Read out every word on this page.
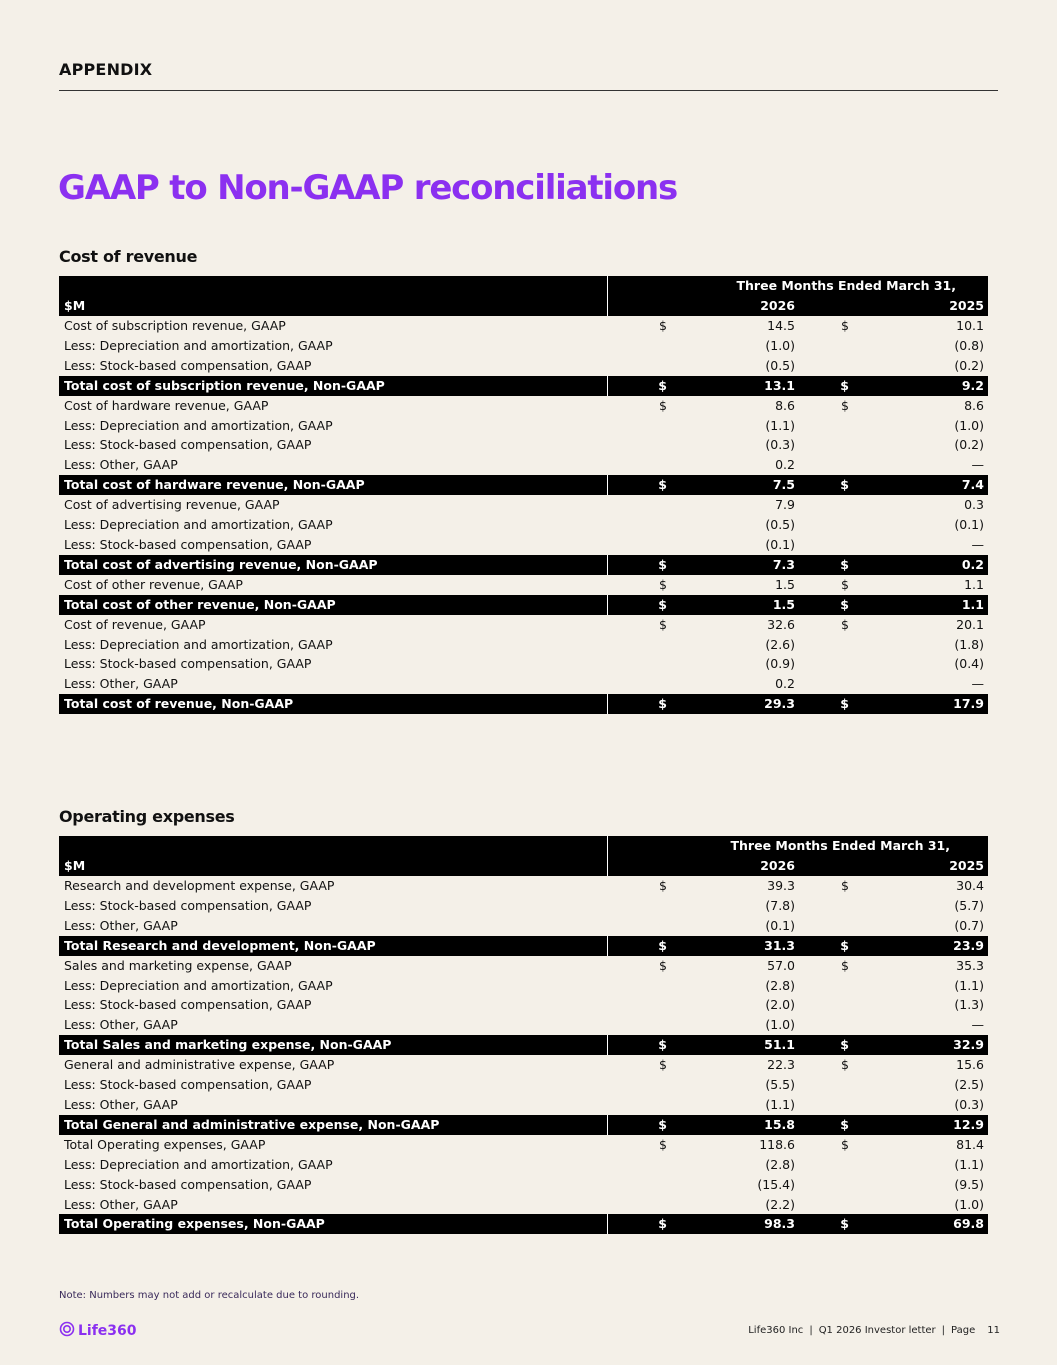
APPENDIX
GAAP to Non-GAAP reconciliations
Cost of revenue

	Three Months Ended March 31,			

$M		2026		2025
Cost of subscription revenue, GAAP	$	14.5	$	10.1
Less: Depreciation and amortization, GAAP		(1.0)		(0.8)
Less: Stock-based compensation, GAAP		(0.5)		(0.2)
Total cost of subscription revenue, Non-GAAP	$	13.1	$	9.2
Cost of hardware revenue, GAAP	$	8.6	$	8.6
Less: Depreciation and amortization, GAAP		(1.1)		(1.0)
Less: Stock-based compensation, GAAP		(0.3)		(0.2)
Less: Other, GAAP		0.2		—
Total cost of hardware revenue, Non-GAAP	$	7.5	$	7.4
Cost of advertising revenue, GAAP		7.9		0.3
Less: Depreciation and amortization, GAAP		(0.5)		(0.1)
Less: Stock-based compensation, GAAP		(0.1)		—
Total cost of advertising revenue, Non-GAAP	$	7.3	$	0.2
Cost of other revenue, GAAP	$	1.5	$	1.1
Total cost of other revenue, Non-GAAP	$	1.5	$	1.1
Cost of revenue, GAAP	$	32.6	$	20.1
Less: Depreciation and amortization, GAAP		(2.6)		(1.8)
Less: Stock-based compensation, GAAP		(0.9)		(0.4)
Less: Other, GAAP		0.2		—
Total cost of revenue, Non-GAAP	$	29.3	$	17.9
Operating expenses

	Three Months Ended March 31,			

$M		2026		2025
Research and development expense, GAAP	$	39.3	$	30.4
Less: Stock-based compensation, GAAP		(7.8)		(5.7)
Less: Other, GAAP		(0.1)		(0.7)
Total Research and development, Non-GAAP	$	31.3	$	23.9
Sales and marketing expense, GAAP	$	57.0	$	35.3
Less: Depreciation and amortization, GAAP		(2.8)		(1.1)
Less: Stock-based compensation, GAAP		(2.0)		(1.3)
Less: Other, GAAP		(1.0)		—
Total Sales and marketing expense, Non-GAAP	$	51.1	$	32.9
General and administrative expense, GAAP	$	22.3	$	15.6
Less: Stock-based compensation, GAAP		(5.5)		(2.5)
Less: Other, GAAP		(1.1)		(0.3)
Total General and administrative expense, Non-GAAP	$	15.8	$	12.9
Total Operating expenses, GAAP	$	118.6	$	81.4
Less: Depreciation and amortization, GAAP		(2.8)		(1.1)
Less: Stock-based compensation, GAAP		(15.4)		(9.5)
Less: Other, GAAP		(2.2)		(1.0)
Total Operating expenses, Non-GAAP	$	98.3	$	69.8
Note: Numbers may not add or recalculate due to rounding.
Life360	Life360 Inc | Q1 2026 Investor letter | Page 11
